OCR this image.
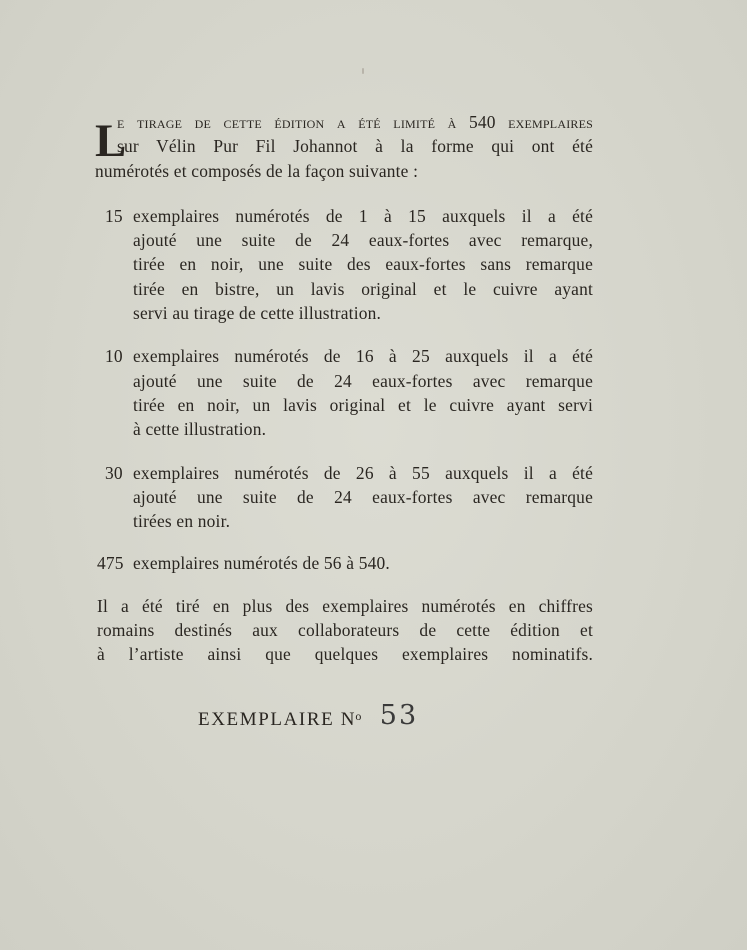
L
e tirage de cette édition a été limité à 540 exemplaires
sur Vélin Pur Fil Johannot à la forme qui ont été
numérotés et composés de la façon suivante :
15 exemplaires numérotés de 1 à 15 auxquels il a été
ajouté une suite de 24 eaux-fortes avec remarque,
tirée en noir, une suite des eaux-fortes sans remarque
tirée en bistre, un lavis original et le cuivre ayant
servi au tirage de cette illustration.
10 exemplaires numérotés de 16 à 25 auxquels il a été
ajouté une suite de 24 eaux-fortes avec remarque
tirée en noir, un lavis original et le cuivre ayant servi
à cette illustration.
30 exemplaires numérotés de 26 à 55 auxquels il a été
ajouté une suite de 24 eaux-fortes avec remarque
tirées en noir.
475 exemplaires numérotés de 56 à 540.
Il a été tiré en plus des exemplaires numérotés en chiffres
romains destinés aux collaborateurs de cette édition et
à l’artiste ainsi que quelques exemplaires nominatifs.
EXEMPLAIRE $N^o$ 53
